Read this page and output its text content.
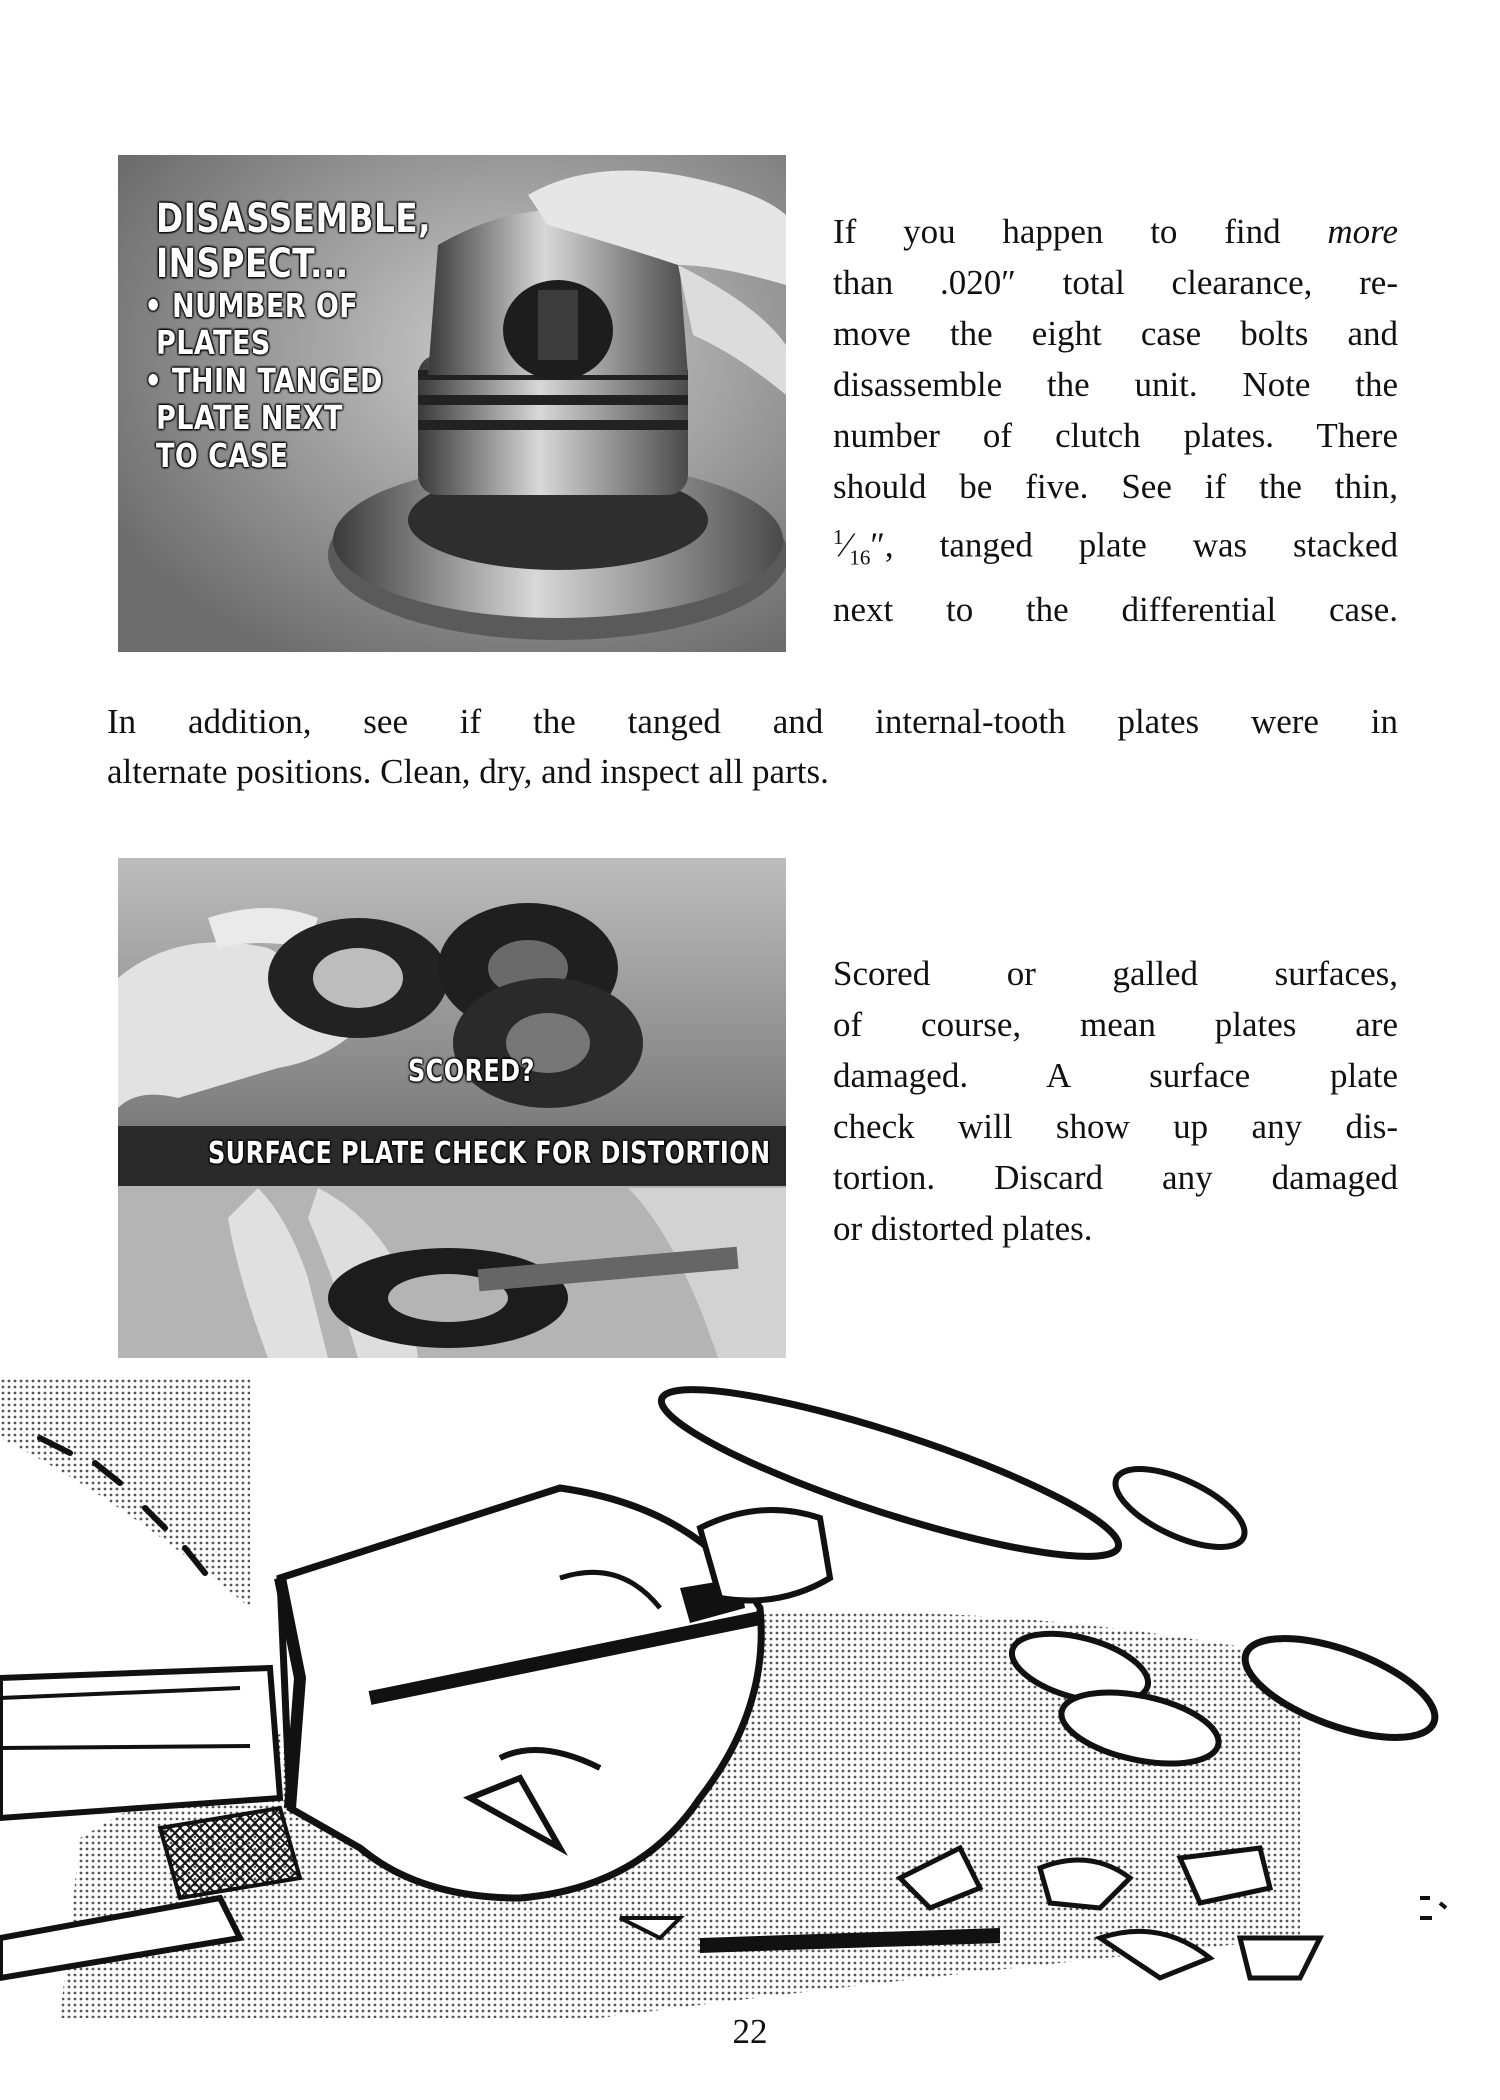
DISASSEMBLE,
INSPECT...
• NUMBER OF
PLATES
• THIN TANGED
PLATE NEXT
TO CASE

If you happen to find more
than .020″ total clearance, re-
move the eight case bolts and
disassemble the unit. Note the
number of clutch plates. There
should be five. See if the thin,
$^1⁄_{16}''$, tanged plate was stacked
next to the differential case.

In addition, see if the tanged and internal-tooth plates were in
alternate positions. Clean, dry, and inspect all parts.

SCORED?
SURFACE PLATE CHECK FOR DISTORTION

Scored or galled surfaces,
of course, mean plates are
damaged. A surface plate
check will show up any dis-
tortion. Discard any damaged
or distorted plates.

22
